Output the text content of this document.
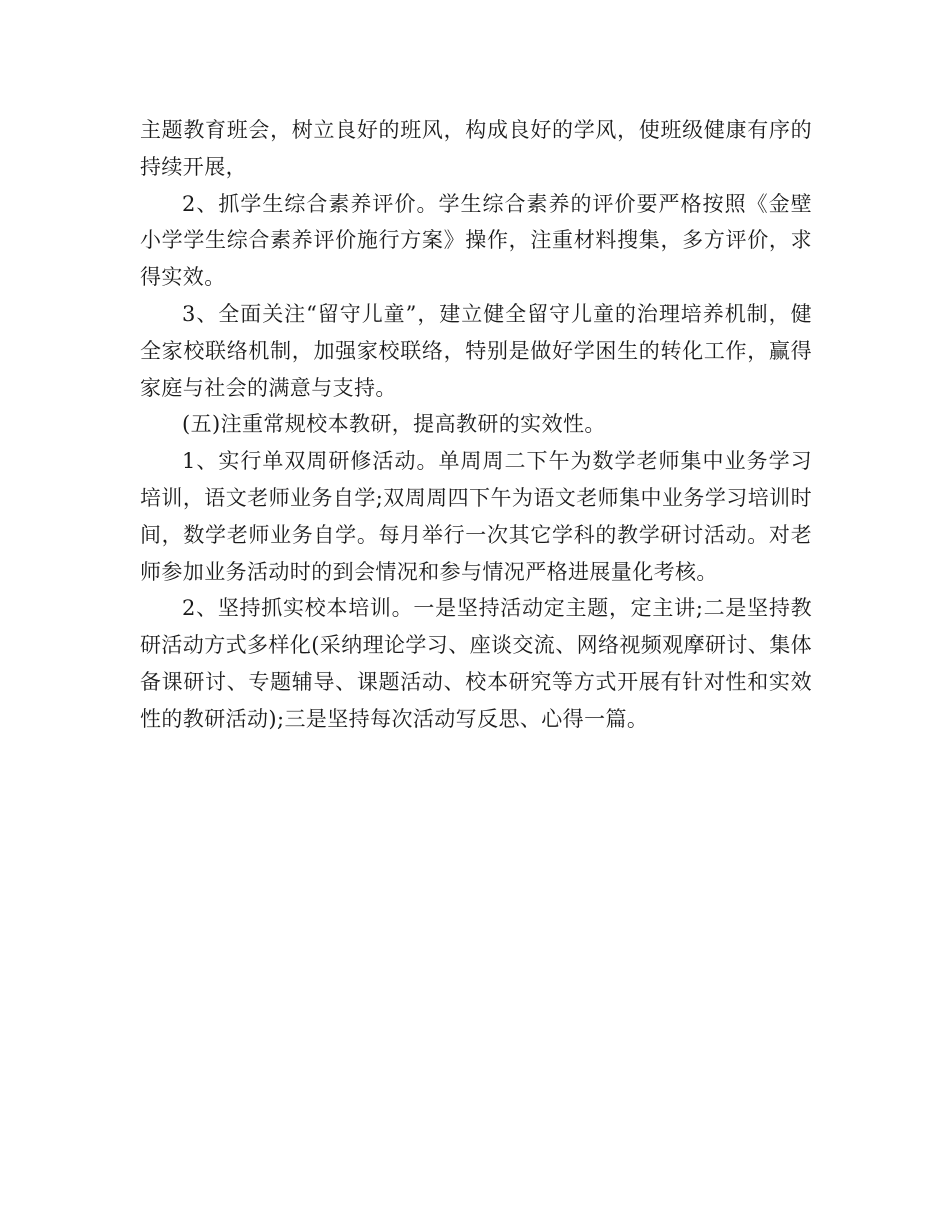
主题教育班会，树立良好的班风，构成良好的学风，使班级健康有序的持续开展，

2、抓学生综合素养评价。学生综合素养的评价要严格按照《金壁小学学生综合素养评价施行方案》操作，注重材料搜集，多方评价，求得实效。

3、全面关注“留守儿童”，建立健全留守儿童的治理培养机制，健全家校联络机制，加强家校联络，特别是做好学困生的转化工作，赢得家庭与社会的满意与支持。

(五)注重常规校本教研，提高教研的实效性。

1、实行单双周研修活动。单周周二下午为数学老师集中业务学习培训，语文老师业务自学;双周周四下午为语文老师集中业务学习培训时间，数学老师业务自学。每月举行一次其它学科的教学研讨活动。对老师参加业务活动时的到会情况和参与情况严格进展量化考核。

2、坚持抓实校本培训。一是坚持活动定主题，定主讲;二是坚持教研活动方式多样化(采纳理论学习、座谈交流、网络视频观摩研讨、集体备课研讨、专题辅导、课题活动、校本研究等方式开展有针对性和实效性的教研活动);三是坚持每次活动写反思、心得一篇。
